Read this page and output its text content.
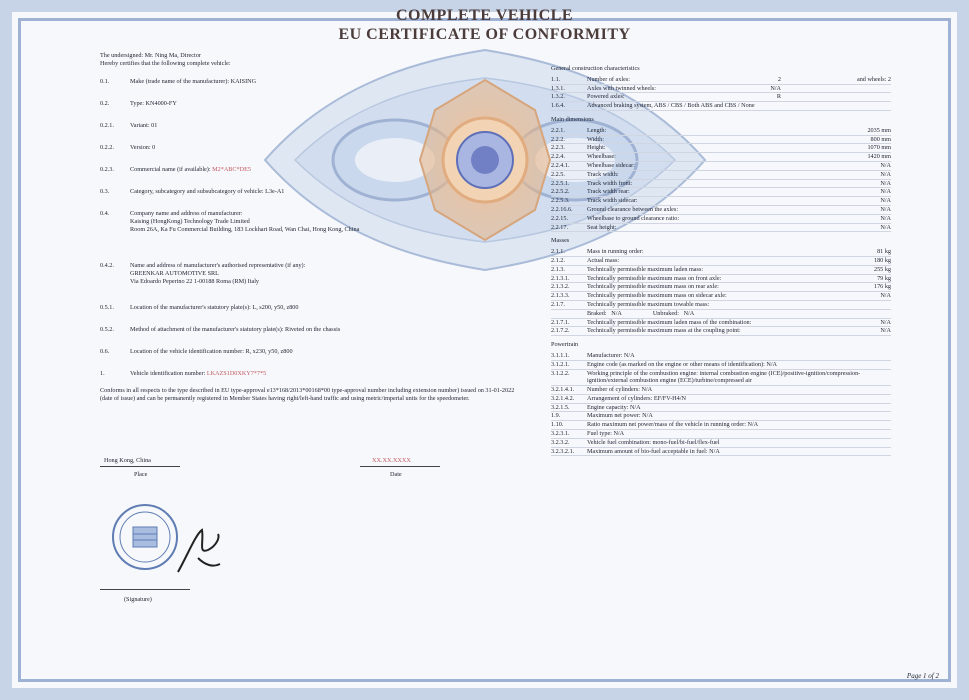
COMPLETE VEHICLE
EU CERTIFICATE OF CONFORMITY
The undersigned: Mr. Ning Ma, Director
Hereby certifies that the following complete vehicle:
0.1.	Make (trade name of the manufacturer): KAISING
0.2.	Type: KN4000-FY
0.2.1.	Variant: 01
0.2.2.	Version: 0
0.2.3.	Commercial name (if available): M2*ABC*DE5
0.3.	Category, subcategory and subsubcategory of vehicle: L3e-A1
0.4.	Company name and address of manufacturer:
Kaising (HongKong) Technology Trade Limited
Room 26A, Ka Fu Commercial Building, 183 Lockhart Road, Wan Chai, Hong Kong, China
0.4.2.	Name and address of manufacturer's authorised representative (if any):
GREENKAR AUTOMOTIVE SRL
Via Edoardo Peperino 22 1-00188 Roma (RM) Italy
0.5.1.	Location of the manufacturer's statutory plate(s): L, s200, y50, z800
0.5.2.	Method of attachment of the manufacturer's statutory plate(s): Riveted on the chassis
0.6.	Location of the vehicle identification number: R, x230, y50, z800
1.	Vehicle identification number: LKAZS1D0XKY7*7*5
Conforms in all respects to the type described in EU type-approval e13*168/2013*00168*00 type-approval number including extension number) issued on 31-01-2022 (date of issue) and can be permanently registered in Member States having right/left-hand traffic and using metric/imperial units for the speedometer.
Hong Kong, China
Place
XX.XX.XXXX
Date
(Signature)
General construction characteristics
1.1.	Number of axles:	2	and wheels: 2
1.3.1.	Axles with twinned wheels:	N/A
1.3.2.	Powered axles:	R
1.6.4.	Advanced braking system, ABS / CBS / Both ABS and CBS / None
Main dimensions
2.2.1.	Length:	2035 mm
2.2.2.	Width:	800 mm
2.2.3.	Height:	1070 mm
2.2.4.	Wheelbase:	1420 mm
2.2.4.1.	Wheelbase sidecar:	N/A
2.2.5.	Track width:	N/A
2.2.5.1.	Track width front:	N/A
2.2.5.2.	Track width rear:	N/A
2.2.5.3.	Track width sidecar:	N/A
2.2.16.6.	Ground clearance between the axles:	N/A
2.2.15.	Wheelbase to ground clearance ratio:	N/A
2.2.17.	Seat height:	N/A
Masses
2.1.1.	Mass in running order:	81 kg
2.1.2.	Actual mass:	180 kg
2.1.3.	Technically permissible maximum laden mass:	255 kg
2.1.3.1.	Technically permissible maximum mass on front axle:	79 kg
2.1.3.2.	Technically permissible maximum mass on rear axle:	176 kg
2.1.3.3.	Technically permissible maximum mass on sidecar axle:	N/A
2.1.7.	Technically permissible maximum towable mass:
Braked: N/A	Unbraked: N/A
2.1.7.1.	Technically permissible maximum laden mass of the combination:	N/A
2.1.7.2.	Technically permissible maximum mass at the coupling point:	N/A
Powertrain
3.1.1.1.	Manufacturer: N/A
3.1.2.1.	Engine code (as marked on the engine or other means of identification): N/A
3.1.2.2.	Working principle of the combustion engine: internal combustion engine (ICE)/positive-ignition/compression-ignition/external combustion engine (ECE)/turbine/compressed air
3.2.1.4.1.	Number of cylinders: N/A
3.2.1.4.2.	Arrangement of cylinders: EF/FV-H4/N
3.2.1.5.	Engine capacity: N/A
1.9.	Maximum net power: N/A
1.10.	Ratio maximum net power/mass of the vehicle in running order: N/A
3.2.3.1.	Fuel type: N/A
3.2.3.2.	Vehicle fuel combination: mono-fuel/bi-fuel/flex-fuel
3.2.3.2.1.	Maximum amount of bio-fuel acceptable in fuel: N/A
Page 1 of 2
